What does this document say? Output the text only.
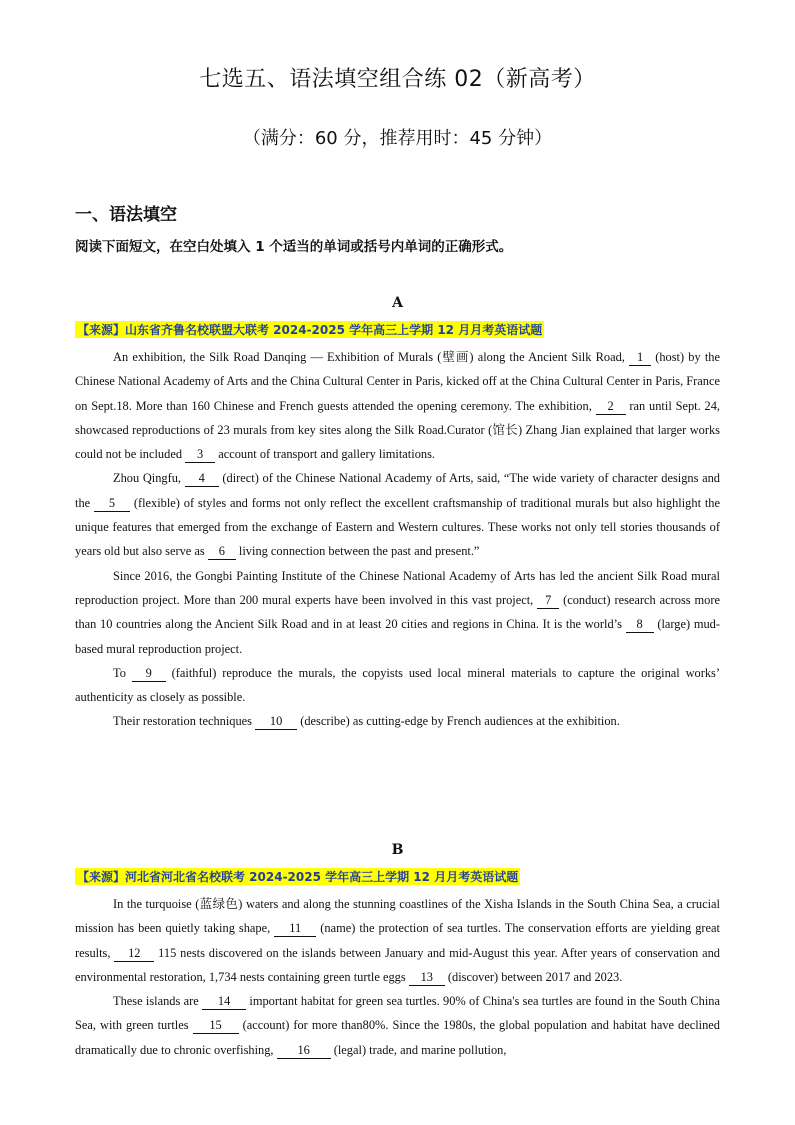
七选五、语法填空组合练 02（新高考）
（满分：60 分，推荐用时：45 分钟）
一、语法填空
阅读下面短文，在空白处填入 1 个适当的单词或括号内单词的正确形式。
A
【来源】山东省齐鲁名校联盟大联考 2024-2025 学年高三上学期 12 月月考英语试题

An exhibition, the Silk Road Danqing — Exhibition of Murals (壁画) along the Ancient Silk Road, 1 (host) by the Chinese National Academy of Arts and the China Cultural Center in Paris, kicked off at the China Cultural Center in Paris, France on Sept.18. More than 160 Chinese and French guests attended the opening ceremony. The exhibition, 2 ran until Sept. 24, showcased reproductions of 23 murals from key sites along the Silk Road.Curator (馆长) Zhang Jian explained that larger works could not be included 3 account of transport and gallery limitations.

Zhou Qingfu, 4 (direct) of the Chinese National Academy of Arts, said, “The wide variety of character designs and the 5 (flexible) of styles and forms not only reflect the excellent craftsmanship of traditional murals but also highlight the unique features that emerged from the exchange of Eastern and Western cultures. These works not only tell stories thousands of years old but also serve as 6 living connection between the past and present.”

Since 2016, the Gongbi Painting Institute of the Chinese National Academy of Arts has led the ancient Silk Road mural reproduction project. More than 200 mural experts have been involved in this vast project, 7 (conduct) research across more than 10 countries along the Ancient Silk Road and in at least 20 cities and regions in China. It is the world’s 8 (large) mud-based mural reproduction project.

To 9 (faithful) reproduce the murals, the copyists used local mineral materials to capture the original works’ authenticity as closely as possible.

Their restoration techniques 10 (describe) as cutting-edge by French audiences at the exhibition.

B
【来源】河北省河北省名校联考 2024-2025 学年高三上学期 12 月月考英语试题

In the turquoise (蓝绿色) waters and along the stunning coastlines of the Xisha Islands in the South China Sea, a crucial mission has been quietly taking shape, 11 (name) the protection of sea turtles. The conservation efforts are yielding great results, 12 115 nests discovered on the islands between January and mid-August this year. After years of conservation and environmental restoration, 1,734 nests containing green turtle eggs 13 (discover) between 2017 and 2023.

These islands are 14 important habitat for green sea turtles. 90% of China's sea turtles are found in the South China Sea, with green turtles 15 (account) for more than80%. Since the 1980s, the global population and habitat have declined dramatically due to chronic overfishing, 16 (legal) trade, and marine pollution,
